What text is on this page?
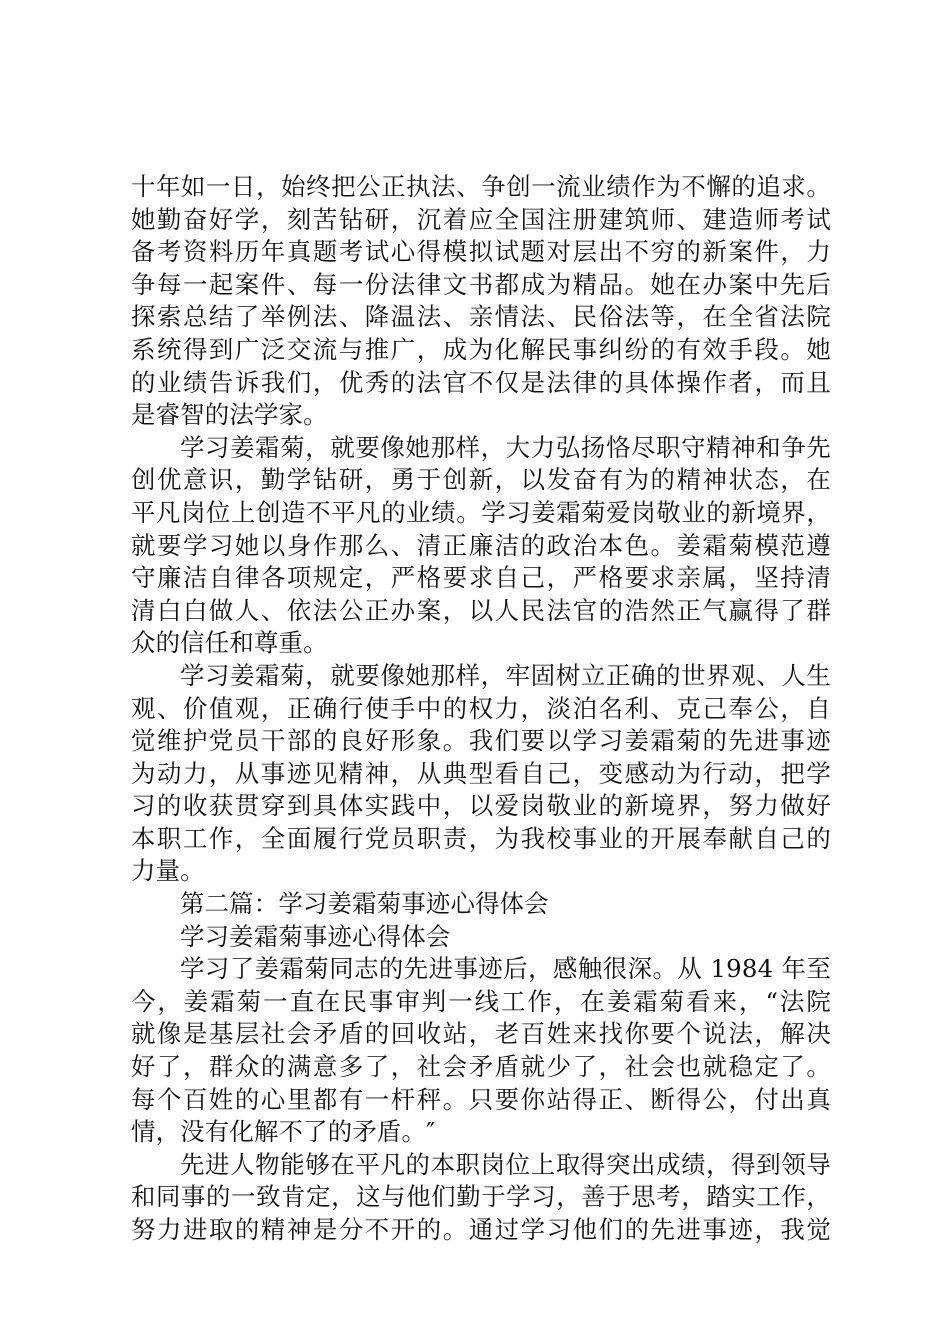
十年如一日，始终把公正执法、争创一流业绩作为不懈的追求。
她勤奋好学，刻苦钻研，沉着应全国注册建筑师、建造师考试
备考资料历年真题考试心得模拟试题对层出不穷的新案件，力
争每一起案件、每一份法律文书都成为精品。她在办案中先后
探索总结了举例法、降温法、亲情法、民俗法等，在全省法院
系统得到广泛交流与推广，成为化解民事纠纷的有效手段。她
的业绩告诉我们，优秀的法官不仅是法律的具体操作者，而且
是睿智的法学家。
学习姜霜菊，就要像她那样，大力弘扬恪尽职守精神和争先
创优意识，勤学钻研，勇于创新，以发奋有为的精神状态，在
平凡岗位上创造不平凡的业绩。学习姜霜菊爱岗敬业的新境界，
就要学习她以身作那么、清正廉洁的政治本色。姜霜菊模范遵
守廉洁自律各项规定，严格要求自己，严格要求亲属，坚持清
清白白做人、依法公正办案，以人民法官的浩然正气赢得了群
众的信任和尊重。
学习姜霜菊，就要像她那样，牢固树立正确的世界观、人生
观、价值观，正确行使手中的权力，淡泊名利、克己奉公，自
觉维护党员干部的良好形象。我们要以学习姜霜菊的先进事迹
为动力，从事迹见精神，从典型看自己，变感动为行动，把学
习的收获贯穿到具体实践中，以爱岗敬业的新境界，努力做好
本职工作，全面履行党员职责，为我校事业的开展奉献自己的
力量。
第二篇：学习姜霜菊事迹心得体会
学习姜霜菊事迹心得体会
学习了姜霜菊同志的先进事迹后，感触很深。从 1984 年至
今，姜霜菊一直在民事审判一线工作，在姜霜菊看来，“法院
就像是基层社会矛盾的回收站，老百姓来找你要个说法，解决
好了，群众的满意多了，社会矛盾就少了，社会也就稳定了。
每个百姓的心里都有一杆秤。只要你站得正、断得公，付出真
情，没有化解不了的矛盾。″
先进人物能够在平凡的本职岗位上取得突出成绩，得到领导
和同事的一致肯定，这与他们勤于学习，善于思考，踏实工作，
努力进取的精神是分不开的。通过学习他们的先进事迹，我觉
